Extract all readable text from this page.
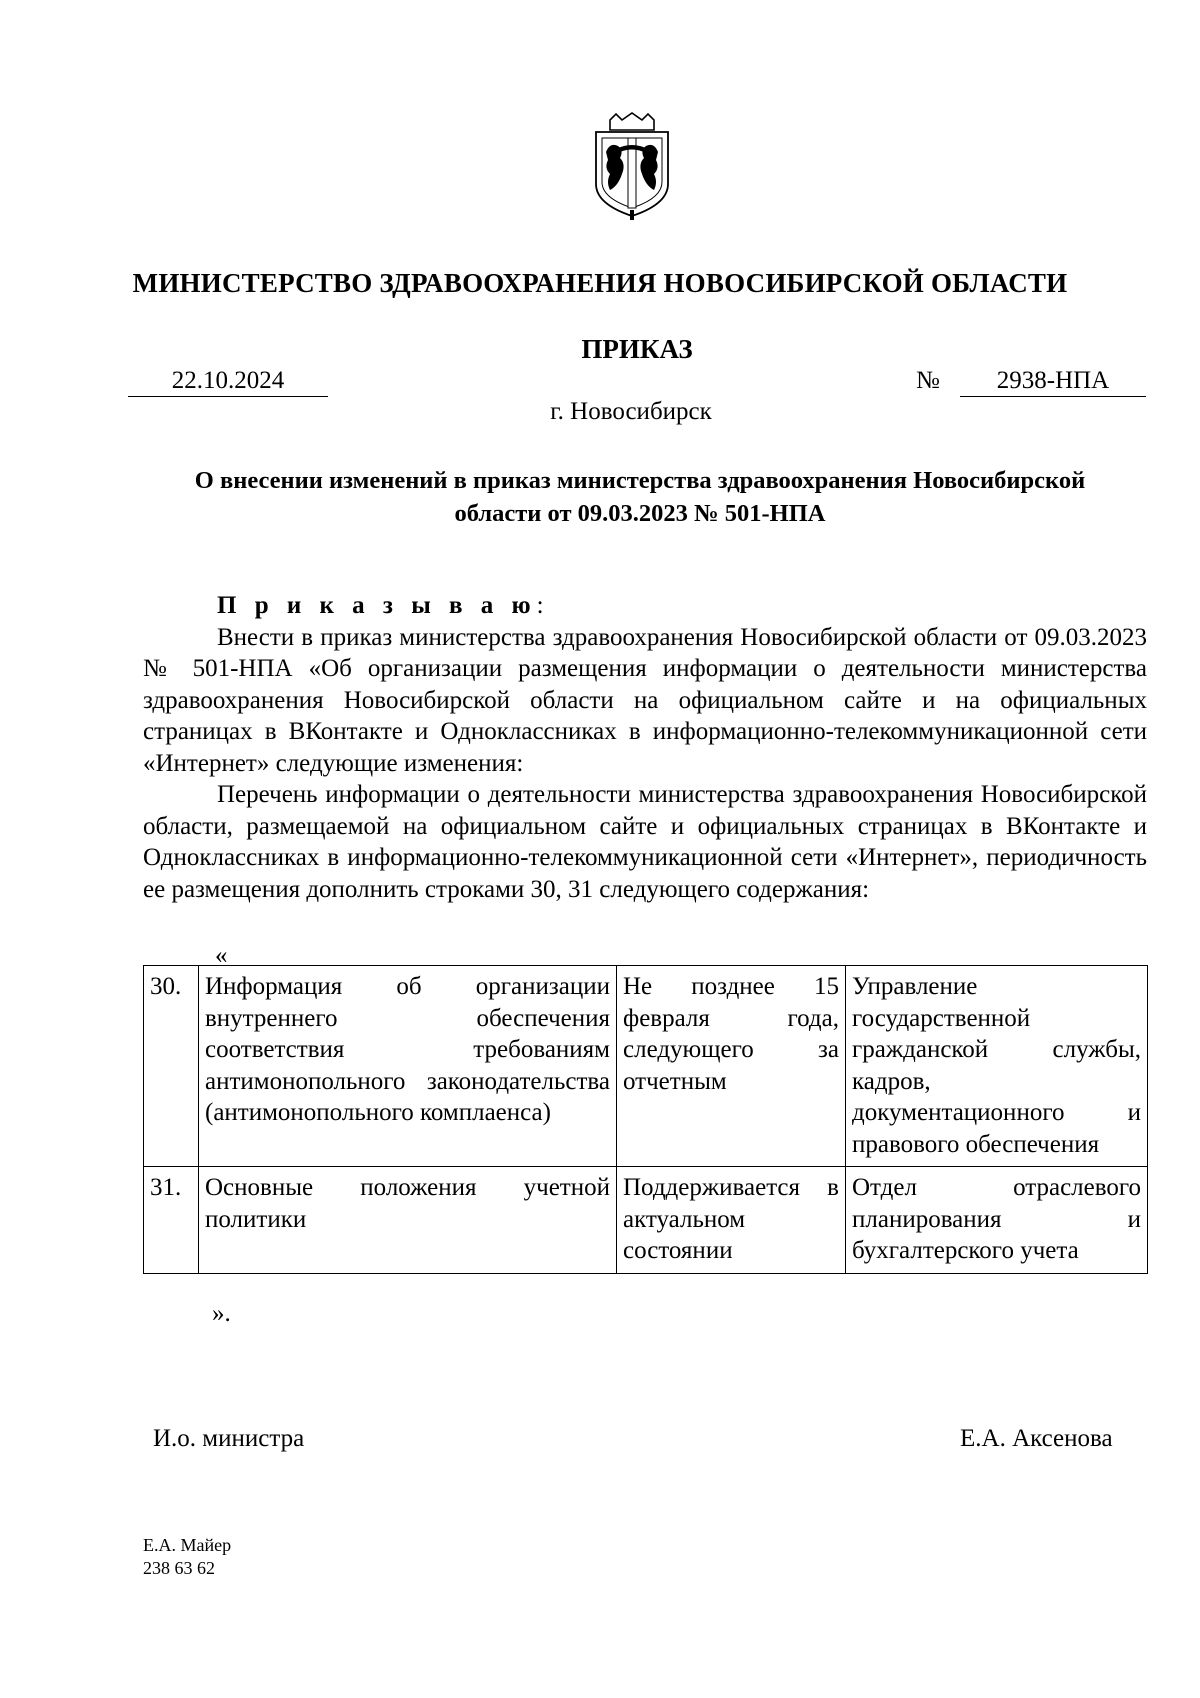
МИНИСТЕРСТВО ЗДРАВООХРАНЕНИЯ НОВОСИБИРСКОЙ ОБЛАСТИ
ПРИКАЗ
22.10.2024	№	2938-НПА
г. Новосибирск
О внесении изменений в приказ министерства здравоохранения Новосибирской
области от 09.03.2023 № 501-НПА

П р и к а з ы в а ю:

Внести в приказ министерства здравоохранения Новосибирской области от 09.03.2023 № 501-НПА «Об организации размещения информации о деятельности министерства здравоохранения Новосибирской области на официальном сайте и на официальных страницах в ВКонтакте и Одноклассниках в информационно-телекоммуникационной сети «Интернет» следующие изменения:

Перечень информации о деятельности министерства здравоохранения Новосибирской области, размещаемой на официальном сайте и официальных страницах в ВКонтакте и Одноклассниках в информационно-телекоммуникационной сети «Интернет», периодичность ее размещения дополнить строками 30, 31 следующего содержания:

«
30.	Информация об организации внутреннего обеспечения соответствия требованиям антимонопольного законодательства (антимонопольного комплаенса)	Не позднее 15 февраля года, следующего за отчетным	Управление государственной гражданской службы, кадров, документационного и правового обеспечения
31.	Основные положения учетной политики	Поддерживается в актуальном состоянии	Отдел отраслевого планирования и бухгалтерского учета
».
И.о. министра	Е.А. Аксенова
Е.А. Майер
238 63 62
